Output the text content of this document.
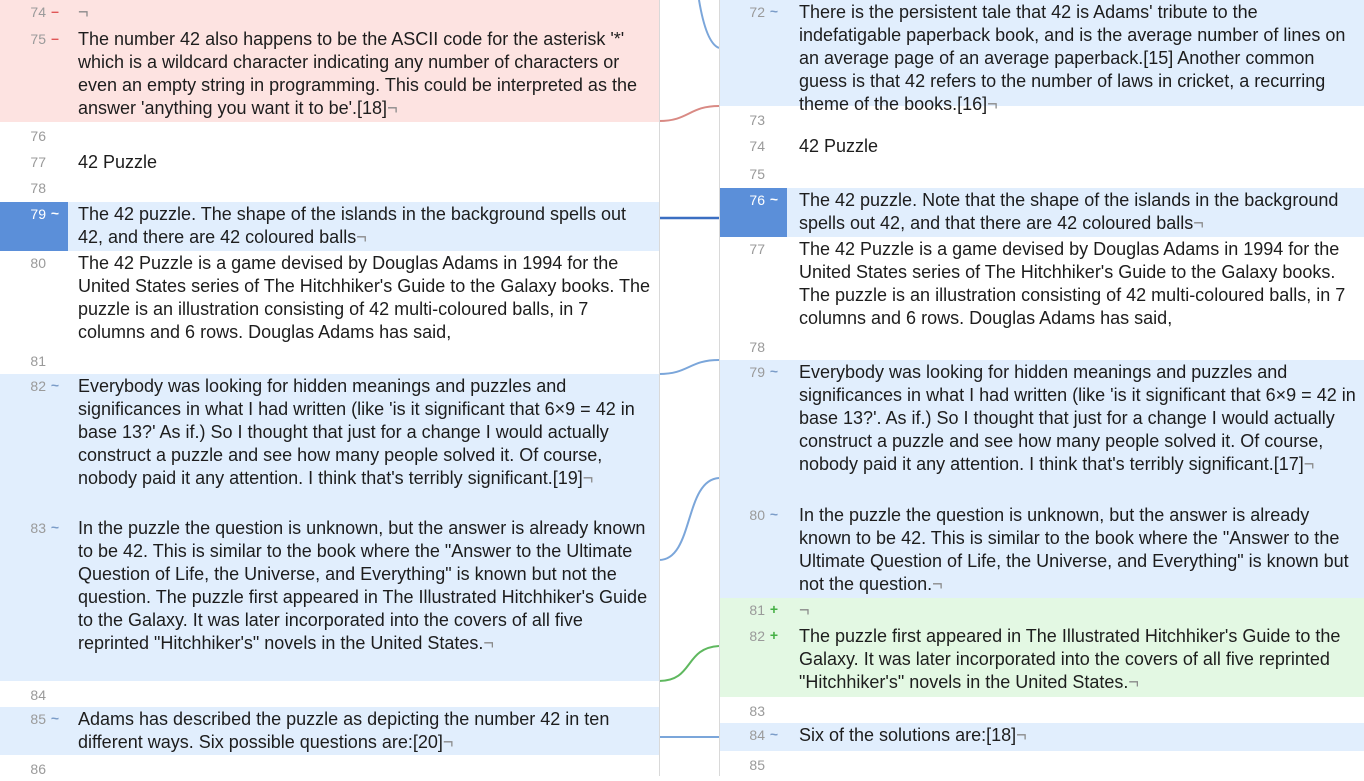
74 – ¬
75 – The number 42 also happens to be the ASCII code for the asterisk '*' which is a wildcard character indicating any number of characters or even an empty string in programming. This could be interpreted as the answer 'anything you want it to be'.[18]¬
76
77 42 Puzzle
78
79 ~ The 42 puzzle. The shape of the islands in the background spells out 42, and there are 42 coloured balls¬
80 The 42 Puzzle is a game devised by Douglas Adams in 1994 for the United States series of The Hitchhiker's Guide to the Galaxy books. The puzzle is an illustration consisting of 42 multi-coloured balls, in 7 columns and 6 rows. Douglas Adams has said,
81
82 ~ Everybody was looking for hidden meanings and puzzles and significances in what I had written (like 'is it significant that 6×9 = 42 in base 13?' As if.) So I thought that just for a change I would actually construct a puzzle and see how many people solved it. Of course, nobody paid it any attention. I think that's terribly significant.[19]¬
83 ~ In the puzzle the question is unknown, but the answer is already known to be 42. This is similar to the book where the "Answer to the Ultimate Question of Life, the Universe, and Everything" is known but not the question. The puzzle first appeared in The Illustrated Hitchhiker's Guide to the Galaxy. It was later incorporated into the covers of all five reprinted "Hitchhiker's" novels in the United States.¬
84
85 ~ Adams has described the puzzle as depicting the number 42 in ten different ways. Six possible questions are:[20]¬
86
72 ~ There is the persistent tale that 42 is Adams' tribute to the indefatigable paperback book, and is the average number of lines on an average page of an average paperback.[15] Another common guess is that 42 refers to the number of laws in cricket, a recurring theme of the books.[16]¬
73
74 42 Puzzle
75
76 ~ The 42 puzzle. Note that the shape of the islands in the background spells out 42, and that there are 42 coloured balls¬
77 The 42 Puzzle is a game devised by Douglas Adams in 1994 for the United States series of The Hitchhiker's Guide to the Galaxy books. The puzzle is an illustration consisting of 42 multi-coloured balls, in 7 columns and 6 rows. Douglas Adams has said,
78
79 ~ Everybody was looking for hidden meanings and puzzles and significances in what I had written (like 'is it significant that 6×9 = 42 in base 13?'. As if.) So I thought that just for a change I would actually construct a puzzle and see how many people solved it. Of course, nobody paid it any attention. I think that's terribly significant.[17]¬
80 ~ In the puzzle the question is unknown, but the answer is already known to be 42. This is similar to the book where the "Answer to the Ultimate Question of Life, the Universe, and Everything" is known but not the question.¬
81 + ¬
82 + The puzzle first appeared in The Illustrated Hitchhiker's Guide to the Galaxy. It was later incorporated into the covers of all five reprinted "Hitchhiker's" novels in the United States.¬
83
84 ~ Six of the solutions are:[18]¬
85
